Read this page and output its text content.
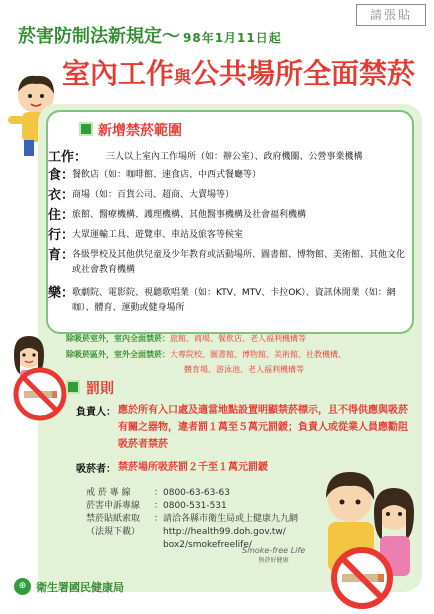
請張貼
菸害防制法新規定～ 98年1月11日起
室內工作與公共場所全面禁菸
新增禁菸範圍
工作：	三人以上室內工作場所（如：辦公室）、政府機關、公營事業機構
食：
餐飲店（如：咖啡館、速食店、中西式餐廳等）
衣：
商場（如：百貨公司、超商、大賣場等）
住：
旅館、醫療機構、護理機構、其他醫事機構及社會福利機構
行：
大眾運輸工具、遊覽車、車站及旅客等候室
育：
各級學校及其他供兒童及少年教育或活動場所、圖書館、博物館、美術館、其他文化或社會教育機構
樂：
歌劇院、電影院、視聽歌唱業（如：KTV、MTV、卡拉OK）、資訊休閒業（如：網咖）、體育、運動或健身場所
除吸菸室外，室內全面禁菸：旅館、商場、餐飲店、老人福利機構等
除吸菸區外，室外全面禁菸：大專院校、圖書館、博物館、美術館、社教機構、
體育場、游泳池、老人福利機構等
罰則
負責人： 應於所有入口處及適當地點設置明顯禁菸標示，且不得供應與吸菸有關之器物，違者罰１萬至５萬元罰鍰；負責人或從業人員應勸阻吸菸者禁菸
吸菸者： 禁菸場所吸菸罰２千至１萬元罰鍰
戒 菸 專 線	：0800-63-63-63
菸害申訴專線	：0800-531-531
禁菸貼紙索取	：請洽各縣市衛生局或上健康九九網
（法規下載）	　http://health99.doh.gov.tw/
　box2/smokefreelife/
Smoke-free Life
無菸好健康
⊕ 衛生署國民健康局
